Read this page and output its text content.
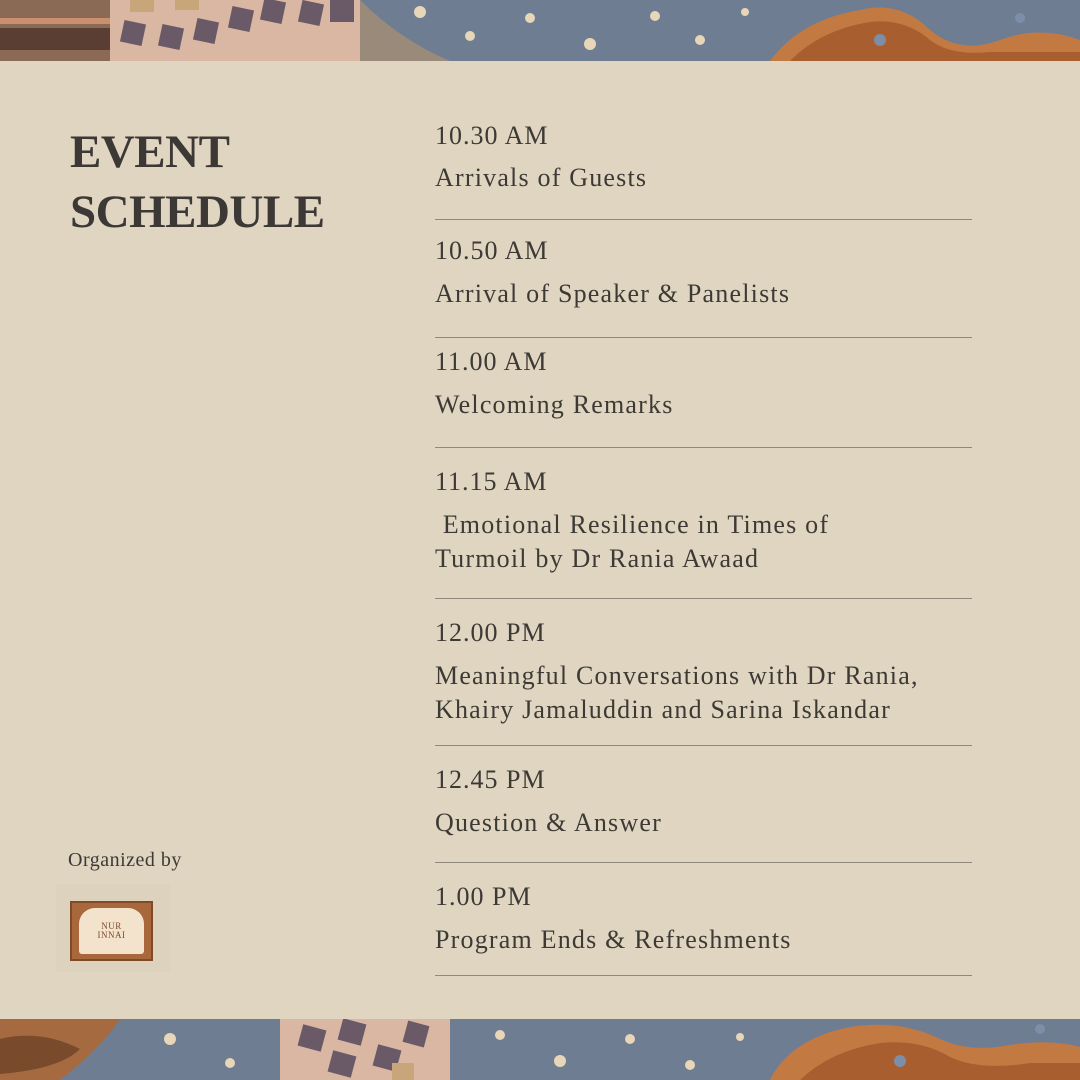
EVENT
SCHEDULE
10.30 AM
Arrivals of Guests
10.50 AM
Arrival of Speaker & Panelists
11.00 AM
Welcoming Remarks
11.15 AM
Emotional Resilience in Times of
Turmoil by Dr Rania Awaad
12.00 PM
Meaningful Conversations with Dr Rania,
Khairy Jamaluddin and Sarina Iskandar
12.45 PM
Question & Answer
1.00 PM
Program Ends & Refreshments
Organized by
NUR
INNAI
